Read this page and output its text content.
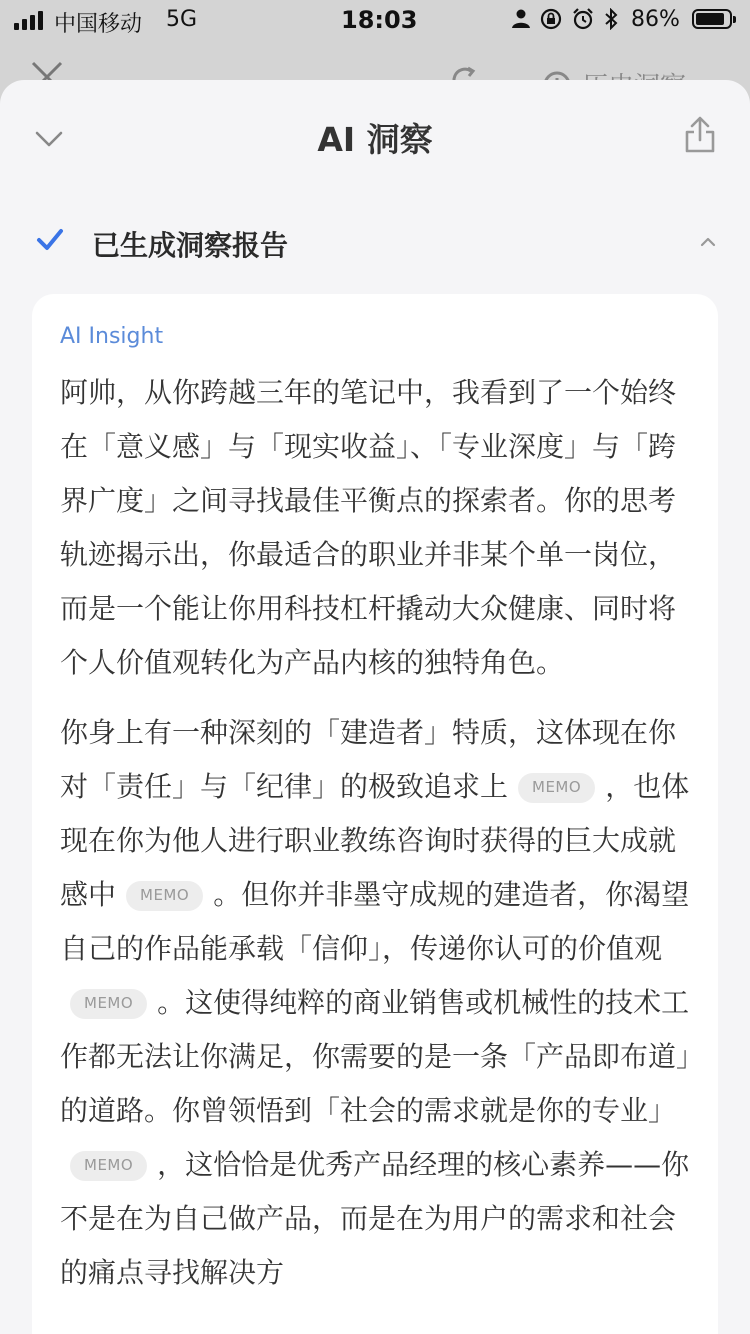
中国移动 5G	18:03	86%
AI 洞察
已生成洞察报告
AI Insight

阿帅，从你跨越三年的笔记中，我看到了一个始终在「意义感」与「现实收益」、「专业深度」与「跨界广度」之间寻找最佳平衡点的探索者。你的思考轨迹揭示出，你最适合的职业并非某个单一岗位，而是一个能让你用科技杠杆撬动大众健康、同时将个人价值观转化为产品内核的独特角色。

你身上有一种深刻的「建造者」特质，这体现在你对「责任」与「纪律」的极致追求上 MEMO ，也体现在你为他人进行职业教练咨询时获得的巨大成就感中 MEMO 。但你并非墨守成规的建造者，你渴望自己的作品能承载「信仰」，传递你认可的价值观MEMO 。这使得纯粹的商业销售或机械性的技术工作都无法让你满足，你需要的是一条「产品即布道」的道路。你曾领悟到「社会的需求就是你的专业」MEMO ，这恰恰是优秀产品经理的核心素养——你不是在为自己做产品，而是在为用户的需求和社会的痛点寻找解决方
